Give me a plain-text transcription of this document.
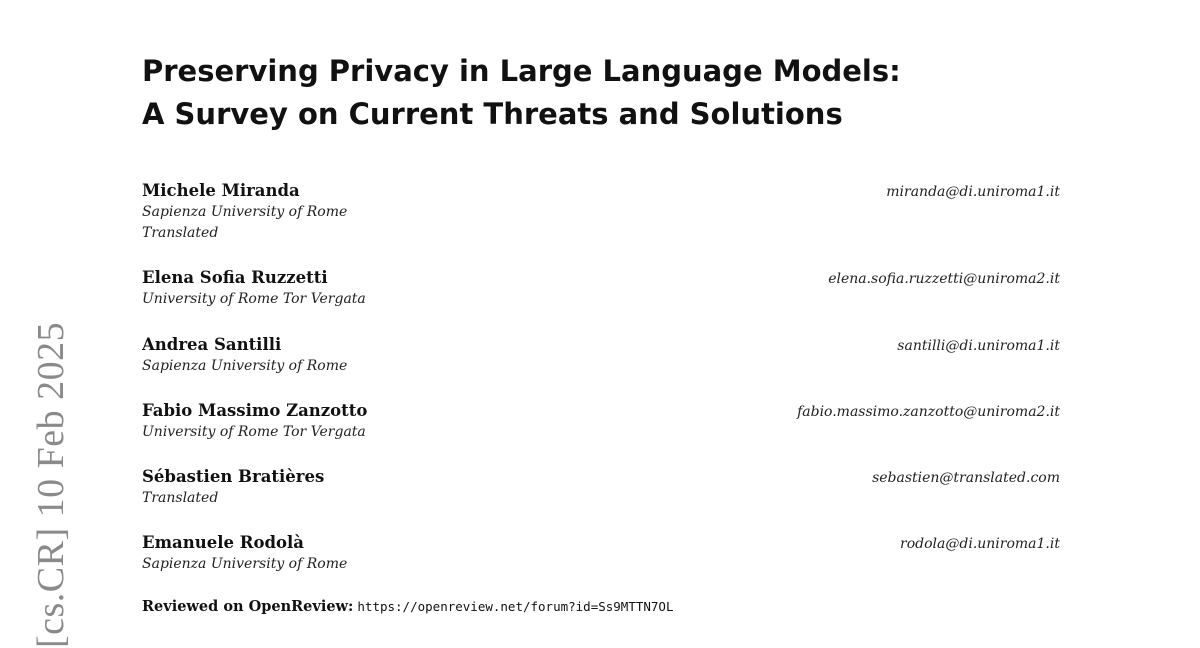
[cs.CR] 10 Feb 2025
Preserving Privacy in Large Language Models:
A Survey on Current Threats and Solutions
Michele Miranda
Sapienza University of Rome
Translated
miranda@di.uniroma1.it
Elena Sofia Ruzzetti
University of Rome Tor Vergata
elena.sofia.ruzzetti@uniroma2.it
Andrea Santilli
Sapienza University of Rome
santilli@di.uniroma1.it
Fabio Massimo Zanzotto
University of Rome Tor Vergata
fabio.massimo.zanzotto@uniroma2.it
Sébastien Bratières
Translated
sebastien@translated.com
Emanuele Rodolà
Sapienza University of Rome
rodola@di.uniroma1.it
Reviewed on OpenReview: https://openreview.net/forum?id=Ss9MTTN7OL
